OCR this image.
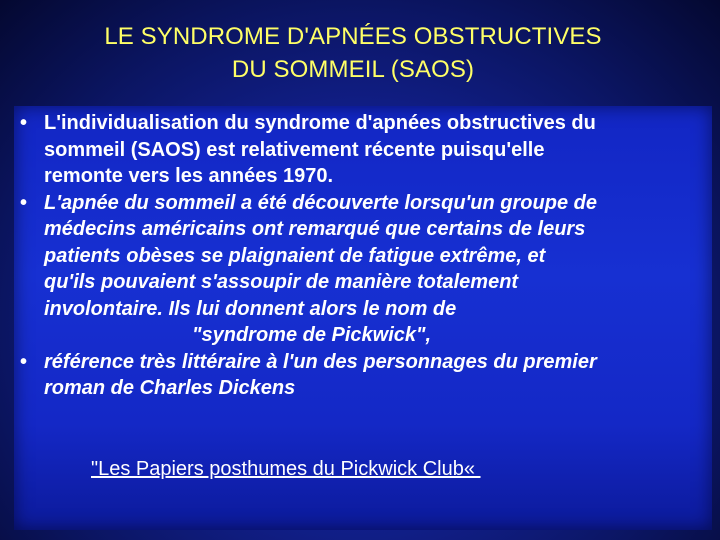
LE SYNDROME D'APNÉES OBSTRUCTIVES
DU SOMMEIL (SAOS)
• L'individualisation du syndrome d'apnées obstructives du
sommeil (SAOS) est relativement récente puisqu'elle
remonte vers les années 1970.
• L'apnée du sommeil a été découverte lorsqu'un groupe de
médecins américains ont remarqué que certains de leurs
patients obèses se plaignaient de fatigue extrême, et
qu'ils pouvaient s'assoupir de manière totalement
involontaire. Ils lui donnent alors le nom de
"syndrome de Pickwick",
• référence très littéraire à l'un des personnages du premier
roman de Charles Dickens
"Les Papiers posthumes du Pickwick Club«
